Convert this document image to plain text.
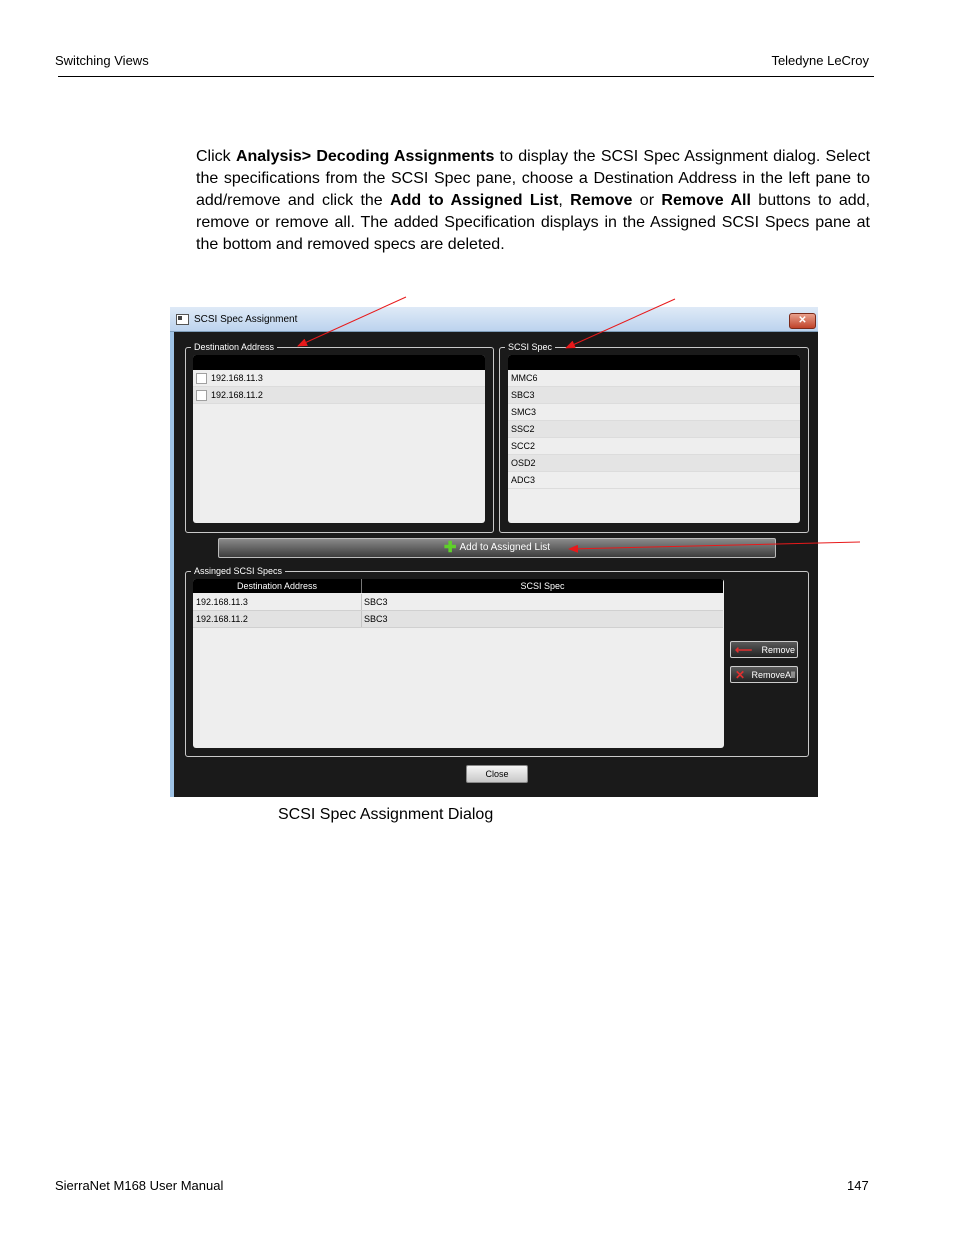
Switching Views	Teledyne LeCroy
Click Analysis> Decoding Assignments to display the SCSI Spec Assignment dialog. Select the specifications from the SCSI Spec pane, choose a Destination Address in the left pane to add/remove and click the Add to Assigned List, Remove or Remove All buttons to add, remove or remove all. The added Specification displays in the Assigned SCSI Specs pane at the bottom and removed specs are deleted.
SCSI Spec Assignment	✕
Destination Address
192.168.11.3
192.168.11.2
SCSI Spec
MMC6
SBC3
SMC3
SSC2
SCC2
OSD2
ADC3
✚ Add to Assigned List
Assinged SCSI Specs
Destination Address	SCSI Spec
192.168.11.3	SBC3
192.168.11.2	SBC3
⟵ Remove
✕ RemoveAll
Close
SCSI Spec Assignment Dialog
SierraNet M168 User Manual	147
